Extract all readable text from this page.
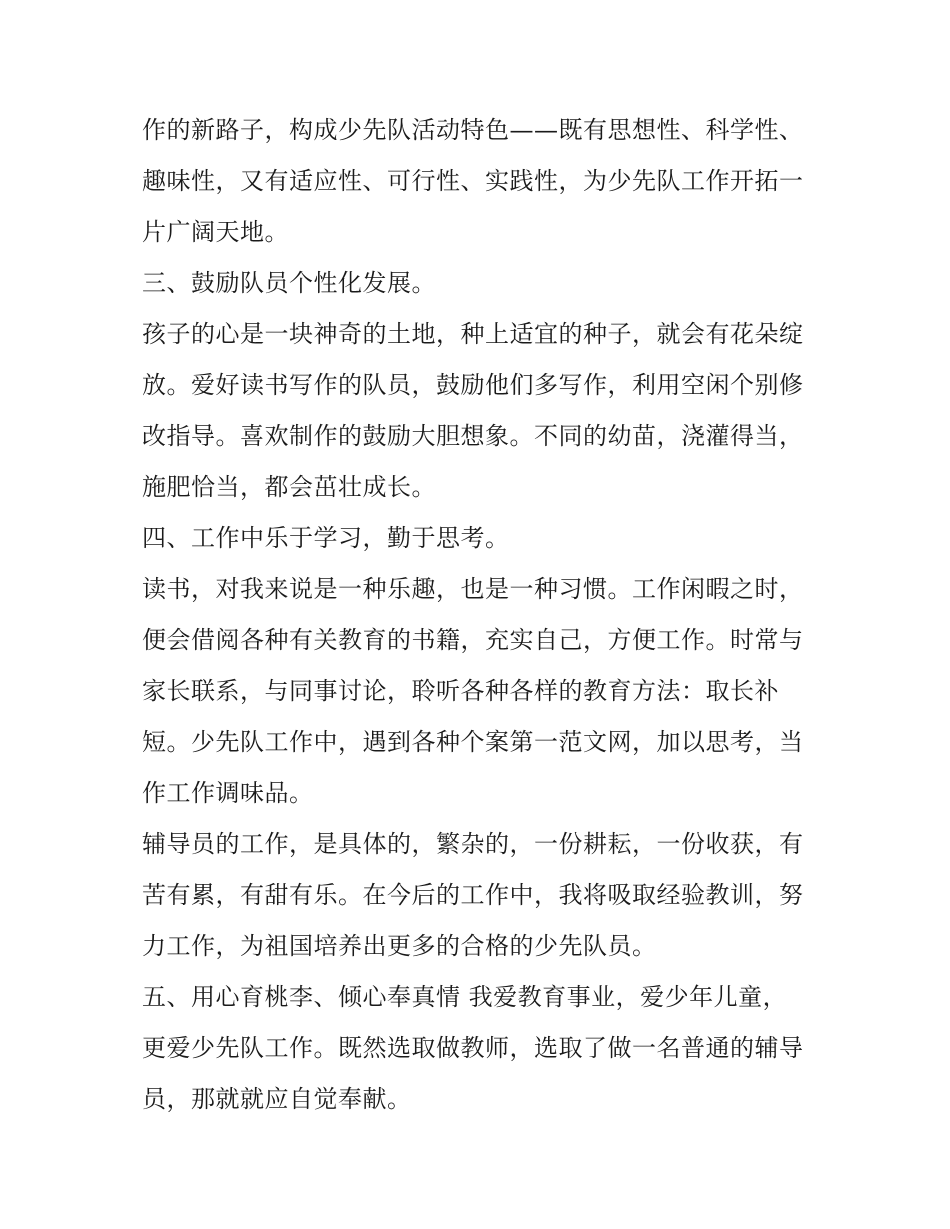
作的新路子，构成少先队活动特色——既有思想性、科学性、
趣味性，又有适应性、可行性、实践性，为少先队工作开拓一
片广阔天地。
三、鼓励队员个性化发展。
孩子的心是一块神奇的土地，种上适宜的种子，就会有花朵绽
放。爱好读书写作的队员，鼓励他们多写作，利用空闲个别修
改指导。喜欢制作的鼓励大胆想象。不同的幼苗，浇灌得当，
施肥恰当，都会茁壮成长。
四、工作中乐于学习，勤于思考。
读书，对我来说是一种乐趣，也是一种习惯。工作闲暇之时，
便会借阅各种有关教育的书籍，充实自己，方便工作。时常与
家长联系，与同事讨论，聆听各种各样的教育方法：取长补
短。少先队工作中，遇到各种个案第一范文网，加以思考，当
作工作调味品。
辅导员的工作，是具体的，繁杂的，一份耕耘，一份收获，有
苦有累，有甜有乐。在今后的工作中，我将吸取经验教训，努
力工作，为祖国培养出更多的合格的少先队员。
五、用心育桃李、倾心奉真情 我爱教育事业，爱少年儿童，
更爱少先队工作。既然选取做教师，选取了做一名普通的辅导
员，那就就应自觉奉献。
